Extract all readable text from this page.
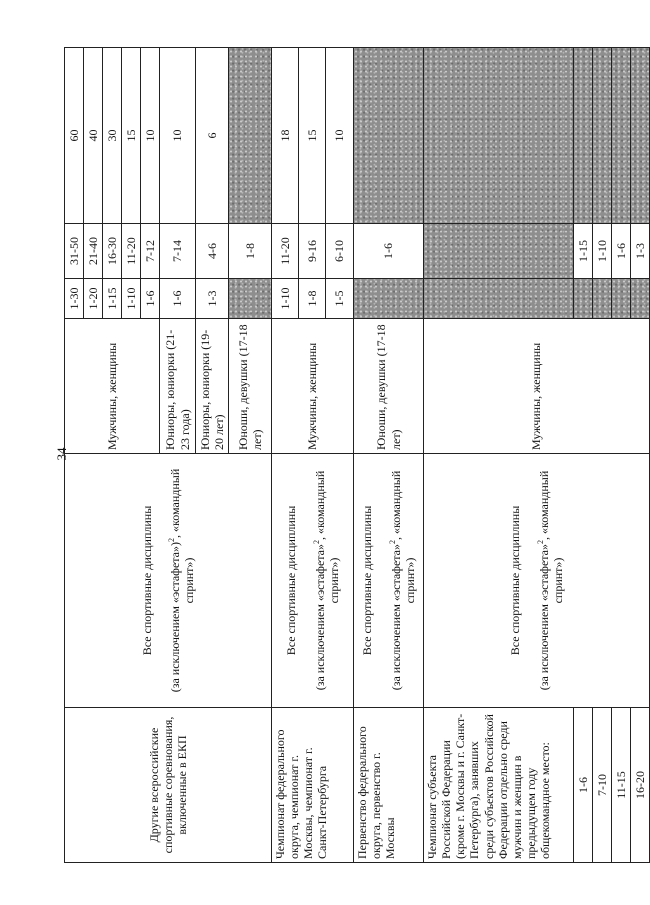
34
Другие всероссийские спортивные соревнования, включенные в ЕКП	Все спортивные дисциплины (за исключением «эстафета»)$^2$, «командный спринт»)	Мужчины, женщины	1-30	31-50	60
			1-20	21-40	40
			1-15	16-30	30
			1-10	11-20	15
			1-6	7-12	10
		Юниоры, юниорки (21-23 года)	1-6	7-14	10
		Юниоры, юниорки (19-20 лет)	1-3	4-6	6
		Юноши, девушки (17-18 лет)		1-8	
Чемпионат федерального округа, чемпионат г. Москвы, чемпионат г. Санкт-Петербурга	Все спортивные дисциплины (за исключением «эстафета»$^2$, «командный спринт»)	Мужчины, женщины	1-10	11-20	18
			1-8	9-16	15
			1-5	6-10	10
Первенство федерального округа, первенство г. Москвы	Все спортивные дисциплины (за исключением «эстафета»$^2$, «командный спринт»)	Юноши, девушки (17-18 лет)		1-6	
Чемпионат субъекта Российской Федерации (кроме г. Москвы и г. Санкт-Петербурга), занявших среди субъектов Российской Федерации отдельно среди мужчин и женщин в предыдущем году общекомандное место:	Все спортивные дисциплины (за исключением «эстафета»$^2$, «командный спринт»)	Мужчины, женщины			
1-6				1-15	
7-10				1-10	
11-15				1-6	
16-20				1-3	
